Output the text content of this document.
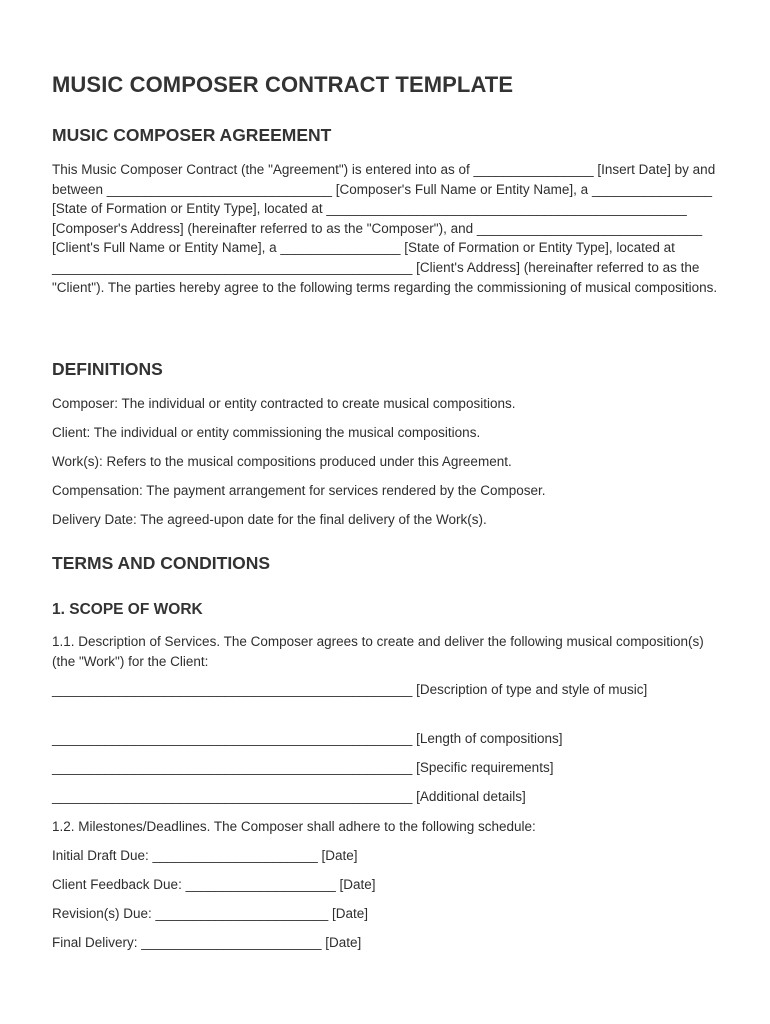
MUSIC COMPOSER CONTRACT TEMPLATE
MUSIC COMPOSER AGREEMENT

This Music Composer Contract (the "Agreement") is entered into as of ________________ [Insert Date] by and between ______________________________ [Composer's Full Name or Entity Name], a ________________ [State of Formation or Entity Type], located at ________________________________________________ [Composer's Address] (hereinafter referred to as the "Composer"), and ______________________________ [Client's Full Name or Entity Name], a ________________ [State of Formation or Entity Type], located at ________________________________________________ [Client's Address] (hereinafter referred to as the "Client"). The parties hereby agree to the following terms regarding the commissioning of musical compositions.

DEFINITIONS

Composer: The individual or entity contracted to create musical compositions.

Client: The individual or entity commissioning the musical compositions.

Work(s): Refers to the musical compositions produced under this Agreement.

Compensation: The payment arrangement for services rendered by the Composer.

Delivery Date: The agreed-upon date for the final delivery of the Work(s).

TERMS AND CONDITIONS
1. SCOPE OF WORK

1.1. Description of Services. The Composer agrees to create and deliver the following musical composition(s) (the "Work") for the Client:

________________________________________________ [Description of type and style of music]

________________________________________________ [Length of compositions]

________________________________________________ [Specific requirements]

________________________________________________ [Additional details]

1.2. Milestones/Deadlines. The Composer shall adhere to the following schedule:

Initial Draft Due: ______________________ [Date]

Client Feedback Due: ____________________ [Date]

Revision(s) Due: _______________________ [Date]

Final Delivery: ________________________ [Date]
